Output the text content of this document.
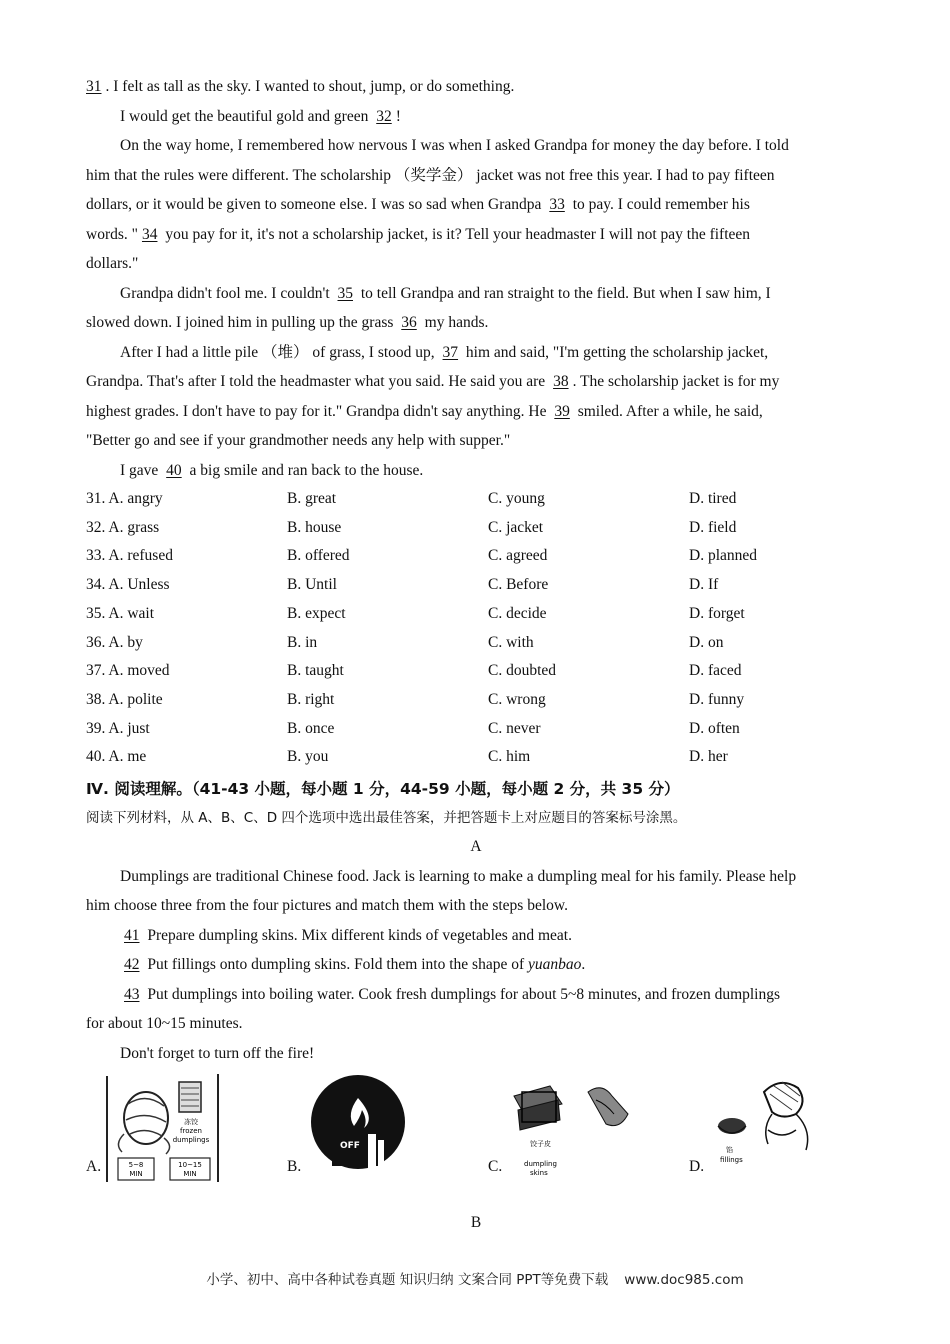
31 . I felt as tall as the sky. I wanted to shout, jump, or do something.
I would get the beautiful gold and green 32 !
On the way home, I remembered how nervous I was when I asked Grandpa for money the day before. I told
him that the rules were different. The scholarship （奖学金） jacket was not free this year. I had to pay fifteen
dollars, or it would be given to someone else. I was so sad when Grandpa 33 to pay. I could remember his
words. " 34 you pay for it, it's not a scholarship jacket, is it? Tell your headmaster I will not pay the fifteen
dollars."
Grandpa didn't fool me. I couldn't 35 to tell Grandpa and ran straight to the field. But when I saw him, I
slowed down. I joined him in pulling up the grass 36 my hands.
After I had a little pile （堆） of grass, I stood up, 37 him and said, "I'm getting the scholarship jacket,
Grandpa. That's after I told the headmaster what you said. He said you are 38 . The scholarship jacket is for my
highest grades. I don't have to pay for it." Grandpa didn't say anything. He 39 smiled. After a while, he said,
"Better go and see if your grandmother needs any help with supper."
I gave 40 a big smile and ran back to the house.
31. A. angry	B. great	C. young	D. tired
32. A. grass	B. house	C. jacket	D. field
33. A. refused	B. offered	C. agreed	D. planned
34. A. Unless	B. Until	C. Before	D. If
35. A. wait	B. expect	C. decide	D. forget
36. A. by	B. in	C. with	D. on
37. A. moved	B. taught	C. doubted	D. faced
38. A. polite	B. right	C. wrong	D. funny
39. A. just	B. once	C. never	D. often
40. A. me	B. you	C. him	D. her
Ⅳ. 阅读理解。（41-43 小题，每小题 1 分，44-59 小题，每小题 2 分，共 35 分）
阅读下列材料，从 A、B、C、D 四个选项中选出最佳答案，并把答题卡上对应题目的答案标号涂黑。
A
Dumplings are traditional Chinese food. Jack is learning to make a dumpling meal for his family. Please help
him choose three from the four pictures and match them with the steps below.
41 Prepare dumpling skins. Mix different kinds of vegetables and meat.
42 Put fillings onto dumpling skins. Fold them into the shape of yuanbao.
43 Put dumplings into boiling water. Cook fresh dumplings for about 5~8 minutes, and frozen dumplings
for about 10~15 minutes.
Don't forget to turn off the fire!
A.
冻饺
frozen
dumplings
5~8
MIN
10~15
MIN	B.
OFF
C.
饺子皮
dumpling
skins	D.
馅
fillings
B
小学、初中、高中各种试卷真题 知识归纳 文案合同 PPT等免费下载 www.doc985.com
